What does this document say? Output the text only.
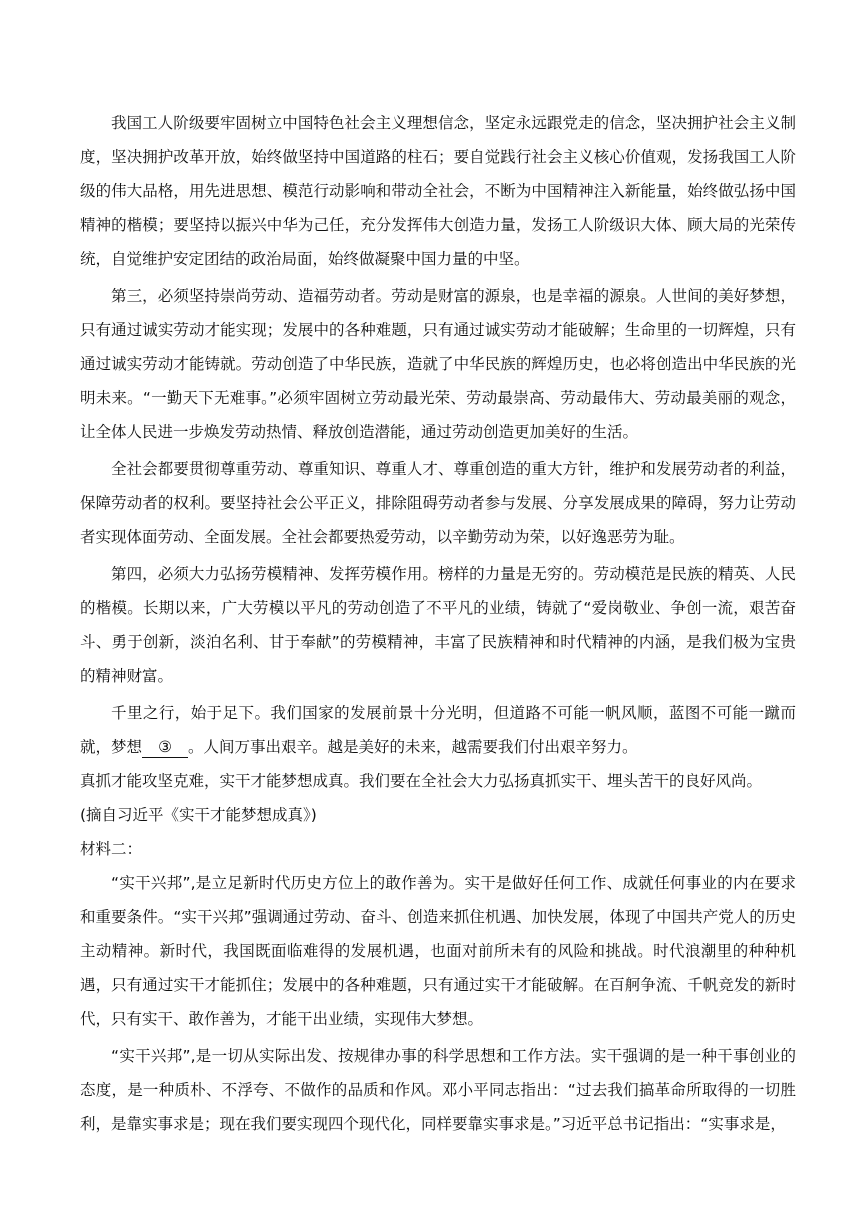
我国工人阶级要牢固树立中国特色社会主义理想信念，坚定永远跟党走的信念，坚决拥护社会主义制度，坚决拥护改革开放，始终做坚持中国道路的柱石；要自觉践行社会主义核心价值观，发扬我国工人阶级的伟大品格，用先进思想、模范行动影响和带动全社会，不断为中国精神注入新能量，始终做弘扬中国精神的楷模；要坚持以振兴中华为己任，充分发挥伟大创造力量，发扬工人阶级识大体、顾大局的光荣传统，自觉维护安定团结的政治局面，始终做凝聚中国力量的中坚。

第三，必须坚持崇尚劳动、造福劳动者。劳动是财富的源泉，也是幸福的源泉。人世间的美好梦想，只有通过诚实劳动才能实现；发展中的各种难题，只有通过诚实劳动才能破解；生命里的一切辉煌，只有通过诚实劳动才能铸就。劳动创造了中华民族，造就了中华民族的辉煌历史，也必将创造出中华民族的光明未来。“一勤天下无难事。”必须牢固树立劳动最光荣、劳动最崇高、劳动最伟大、劳动最美丽的观念，让全体人民进一步焕发劳动热情、释放创造潜能，通过劳动创造更加美好的生活。

全社会都要贯彻尊重劳动、尊重知识、尊重人才、尊重创造的重大方针，维护和发展劳动者的利益，保障劳动者的权利。要坚持社会公平正义，排除阻碍劳动者参与发展、分享发展成果的障碍，努力让劳动者实现体面劳动、全面发展。全社会都要热爱劳动，以辛勤劳动为荣，以好逸恶劳为耻。

第四，必须大力弘扬劳模精神、发挥劳模作用。榜样的力量是无穷的。劳动模范是民族的精英、人民的楷模。长期以来，广大劳模以平凡的劳动创造了不平凡的业绩，铸就了“爱岗敬业、争创一流，艰苦奋斗、勇于创新，淡泊名利、甘于奉献”的劳模精神，丰富了民族精神和时代精神的内涵，是我们极为宝贵的精神财富。

千里之行，始于足下。我们国家的发展前景十分光明，但道路不可能一帆风顺，蓝图不可能一蹴而就，梦想 ③ 。人间万事出艰辛。越是美好的未来，越需要我们付出艰辛努力。

真抓才能攻坚克难，实干才能梦想成真。我们要在全社会大力弘扬真抓实干、埋头苦干的良好风尚。

(摘自习近平《实干才能梦想成真》)

材料二：

“实干兴邦”,是立足新时代历史方位上的敢作善为。实干是做好任何工作、成就任何事业的内在要求和重要条件。“实干兴邦”强调通过劳动、奋斗、创造来抓住机遇、加快发展，体现了中国共产党人的历史主动精神。新时代，我国既面临难得的发展机遇，也面对前所未有的风险和挑战。时代浪潮里的种种机遇，只有通过实干才能抓住；发展中的各种难题，只有通过实干才能破解。在百舸争流、千帆竞发的新时代，只有实干、敢作善为，才能干出业绩，实现伟大梦想。

“实干兴邦”,是一切从实际出发、按规律办事的科学思想和工作方法。实干强调的是一种干事创业的态度，是一种质朴、不浮夸、不做作的品质和作风。邓小平同志指出：“过去我们搞革命所取得的一切胜利，是靠实事求是；现在我们要实现四个现代化，同样要靠实事求是。”习近平总书记指出：“实事求是，
